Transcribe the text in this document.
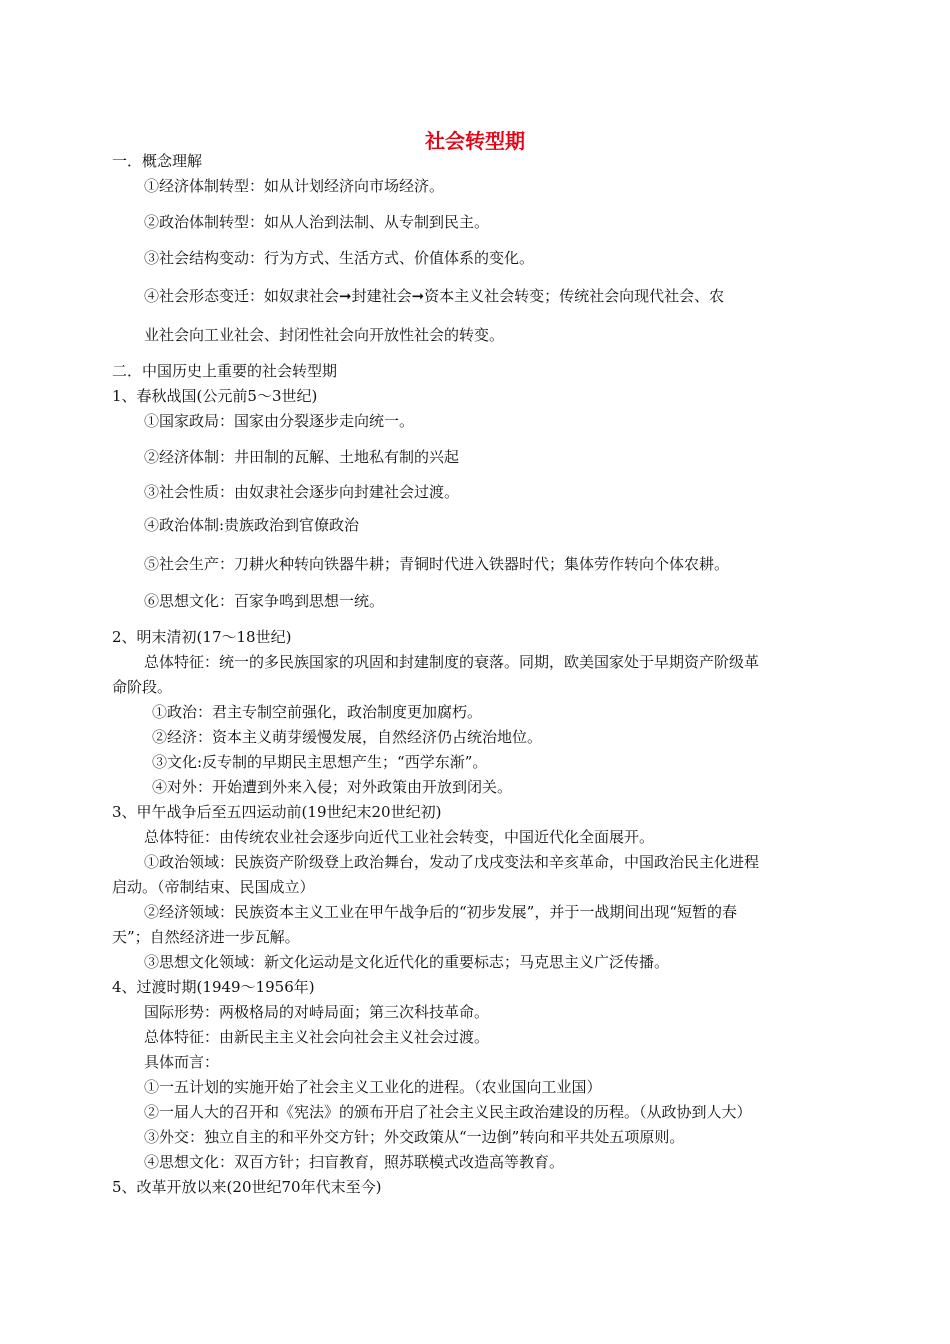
社会转型期
一．概念理解
①经济体制转型：如从计划经济向市场经济。
②政治体制转型：如从人治到法制、从专制到民主。
③社会结构变动：行为方式、生活方式、价值体系的变化。
④社会形态变迁：如奴隶社会➞封建社会➞资本主义社会转变；传统社会向现代社会、农
业社会向工业社会、封闭性社会向开放性社会的转变。
二．中国历史上重要的社会转型期
1、春秋战国(公元前5～3世纪)
①国家政局：国家由分裂逐步走向统一。
②经济体制：井田制的瓦解、土地私有制的兴起
③社会性质：由奴隶社会逐步向封建社会过渡。
④政治体制:贵族政治到官僚政治
⑤社会生产：刀耕火种转向铁器牛耕；青铜时代进入铁器时代；集体劳作转向个体农耕。
⑥思想文化：百家争鸣到思想一统。
2、明末清初(17～18世纪)
总体特征：统一的多民族国家的巩固和封建制度的衰落。同期，欧美国家处于早期资产阶级革
命阶段。
①政治：君主专制空前强化，政治制度更加腐朽。
②经济：资本主义萌芽缓慢发展，自然经济仍占统治地位。
③文化:反专制的早期民主思想产生；“西学东渐”。
④对外：开始遭到外来入侵；对外政策由开放到闭关。
3、甲午战争后至五四运动前(19世纪末20世纪初)
总体特征：由传统农业社会逐步向近代工业社会转变，中国近代化全面展开。
①政治领域：民族资产阶级登上政治舞台，发动了戊戌变法和辛亥革命，中国政治民主化进程
启动。（帝制结束、民国成立）
②经济领域：民族资本主义工业在甲午战争后的“初步发展”，并于一战期间出现“短暂的春
天”；自然经济进一步瓦解。
③思想文化领域：新文化运动是文化近代化的重要标志；马克思主义广泛传播。
4、过渡时期(1949～1956年)
国际形势：两极格局的对峙局面；第三次科技革命。
总体特征：由新民主主义社会向社会主义社会过渡。
具体而言：
①一五计划的实施开始了社会主义工业化的进程。（农业国向工业国）
②一届人大的召开和《宪法》的颁布开启了社会主义民主政治建设的历程。（从政协到人大）
③外交：独立自主的和平外交方针；外交政策从“一边倒”转向和平共处五项原则。
④思想文化：双百方针；扫盲教育，照苏联模式改造高等教育。
5、改革开放以来(20世纪70年代末至今)
